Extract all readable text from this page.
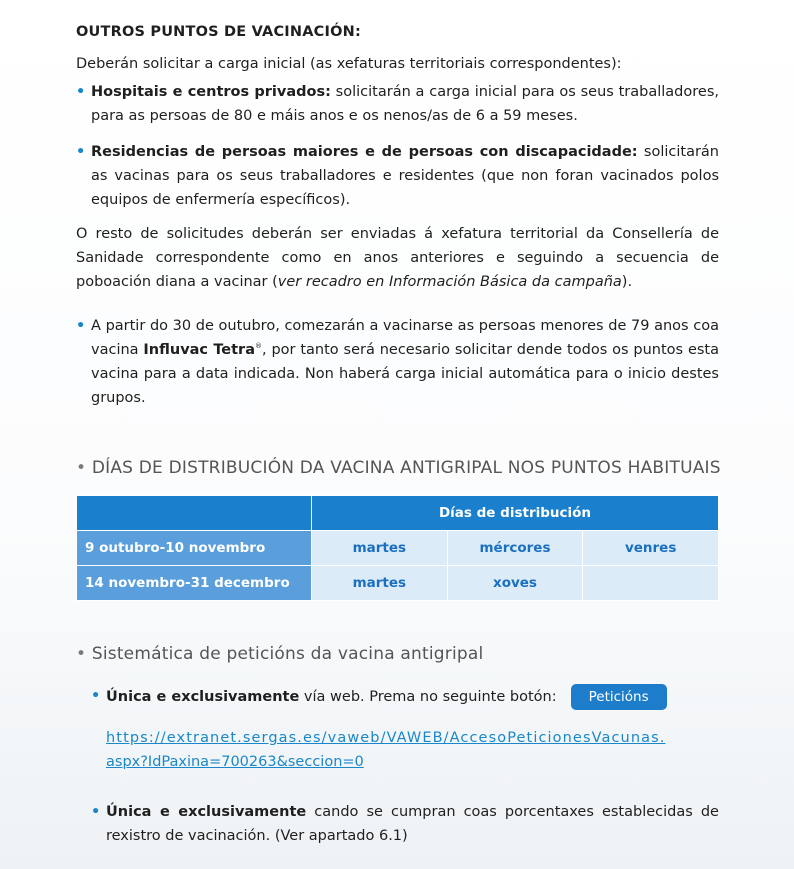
OUTROS PUNTOS DE VACINACIÓN:
Deberán solicitar a carga inicial (as xefaturas territoriais correspondentes):
• Hospitais e centros privados: solicitarán a carga inicial para os seus traballadores, para as persoas de 80 e máis anos e os nenos/as de 6 a 59 meses.
• Residencias de persoas maiores e de persoas con discapacidade: solicitarán as vacinas para os seus traballadores e residentes (que non foran vacinados polos equipos de enfermería específicos).
O resto de solicitudes deberán ser enviadas á xefatura territorial da Consellería de Sanidade correspondente como en anos anteriores e seguindo a secuencia de poboación diana a vacinar (ver recadro en Información Básica da campaña).
• A partir do 30 de outubro, comezarán a vacinarse as persoas menores de 79 anos coa vacina Influvac Tetra®, por tanto será necesario solicitar dende todos os puntos esta vacina para a data indicada. Non haberá carga inicial automática para o inicio destes grupos.
• DÍAS DE DISTRIBUCIÓN DA VACINA ANTIGRIPAL NOS PUNTOS HABITUAIS
	Días de distribución		
9 outubro-10 novembro	martes	mércores	venres
14 novembro-31 decembro	martes	xoves	
• Sistemática de peticións da vacina antigripal
• Única e exclusivamente vía web. Prema no seguinte botón: Peticións
https://extranet.sergas.es/vaweb/VAWEB/AccesoPeticionesVacunas.
aspx?IdPaxina=700263&seccion=0
• Única e exclusivamente cando se cumpran coas porcentaxes establecidas de rexistro de vacinación. (Ver apartado 6.1)
